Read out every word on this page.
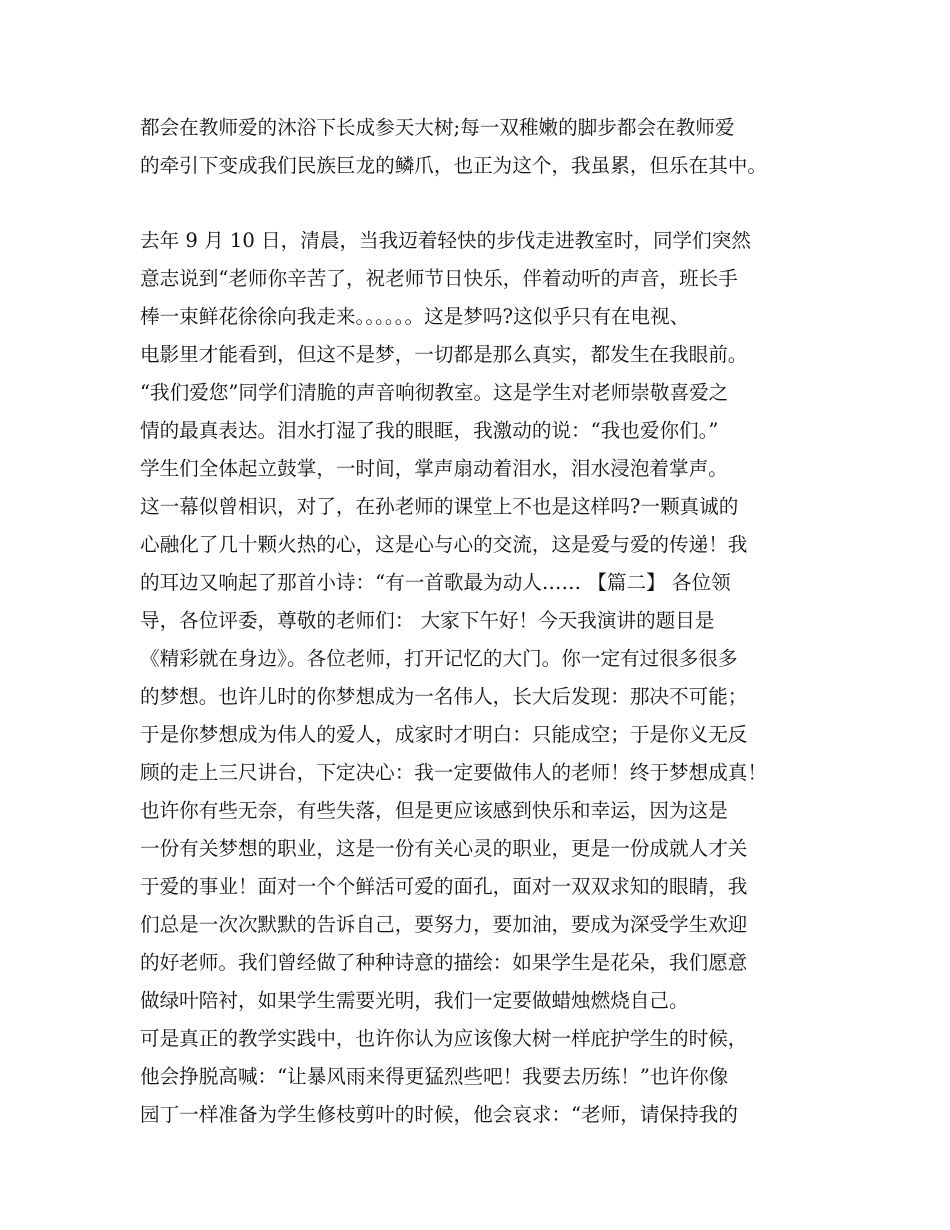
都会在教师爱的沐浴下长成参天大树;每一双稚嫩的脚步都会在教师爱
的牵引下变成我们民族巨龙的鳞爪，也正为这个，我虽累，但乐在其中。
去年 9 月 10 日，清晨，当我迈着轻快的步伐走进教室时，同学们突然
意志说到“老师你辛苦了，祝老师节日快乐，伴着动听的声音，班长手
棒一束鲜花徐徐向我走来。。。。。。这是梦吗?这似乎只有在电视、
电影里才能看到，但这不是梦，一切都是那么真实，都发生在我眼前。
“我们爱您”同学们清脆的声音响彻教室。这是学生对老师崇敬喜爱之
情的最真表达。泪水打湿了我的眼眶，我激动的说：“我也爱你们。”
学生们全体起立鼓掌，一时间，掌声扇动着泪水，泪水浸泡着掌声。
这一幕似曾相识，对了，在孙老师的课堂上不也是这样吗?一颗真诚的
心融化了几十颗火热的心，这是心与心的交流，这是爱与爱的传递！我
的耳边又响起了那首小诗：“有一首歌最为动人…… 【篇二】 各位领
导，各位评委，尊敬的老师们： 大家下午好！今天我演讲的题目是
《精彩就在身边》。各位老师，打开记忆的大门。你一定有过很多很多
的梦想。也许儿时的你梦想成为一名伟人，长大后发现：那决不可能；
于是你梦想成为伟人的爱人，成家时才明白：只能成空；于是你义无反
顾的走上三尺讲台，下定决心：我一定要做伟人的老师！终于梦想成真！
也许你有些无奈，有些失落，但是更应该感到快乐和幸运，因为这是
一份有关梦想的职业，这是一份有关心灵的职业，更是一份成就人才关
于爱的事业！面对一个个鲜活可爱的面孔，面对一双双求知的眼睛，我
们总是一次次默默的告诉自己，要努力，要加油，要成为深受学生欢迎
的好老师。我们曾经做了种种诗意的描绘：如果学生是花朵，我们愿意
做绿叶陪衬，如果学生需要光明，我们一定要做蜡烛燃烧自己。
可是真正的教学实践中，也许你认为应该像大树一样庇护学生的时候，
他会挣脱高喊：“让暴风雨来得更猛烈些吧！我要去历练！”也许你像
园丁一样准备为学生修枝剪叶的时候，他会哀求：“老师，请保持我的
